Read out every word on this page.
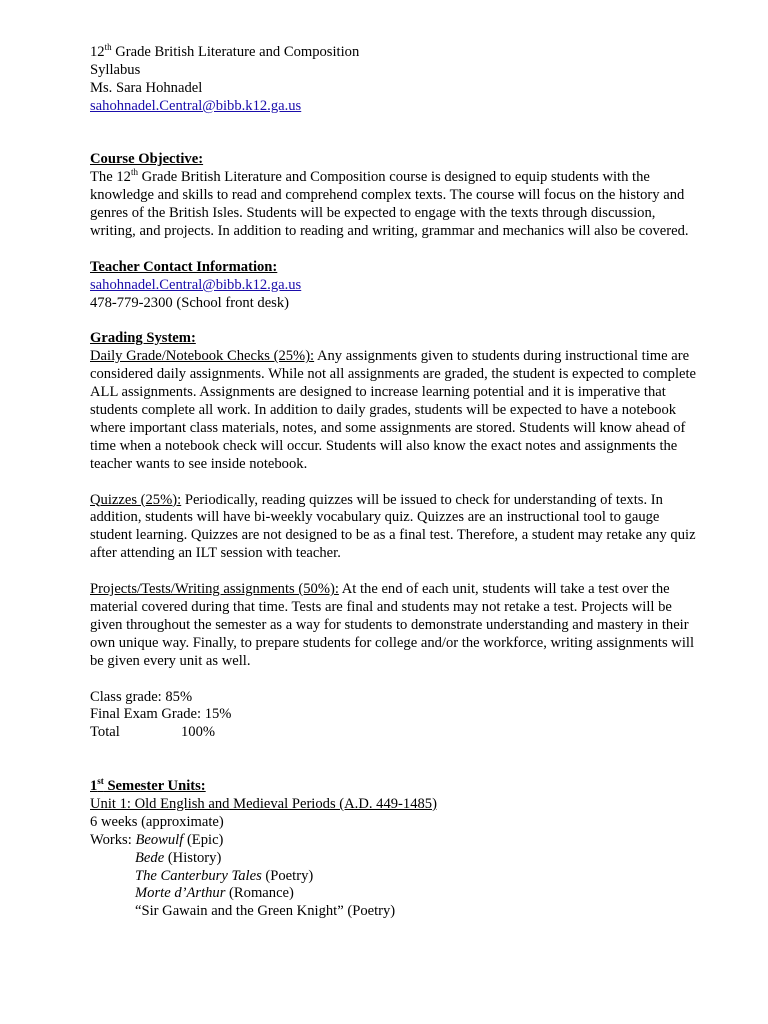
12th Grade British Literature and Composition
Syllabus
Ms. Sara Hohnadel
sahohnadel.Central@bibb.k12.ga.us
Course Objective:
The 12th Grade British Literature and Composition course is designed to equip students with the
knowledge and skills to read and comprehend complex texts. The course will focus on the history and
genres of the British Isles. Students will be expected to engage with the texts through discussion,
writing, and projects. In addition to reading and writing, grammar and mechanics will also be covered.
Teacher Contact Information:
sahohnadel.Central@bibb.k12.ga.us
478-779-2300 (School front desk)
Grading System:
Daily Grade/Notebook Checks (25%): Any assignments given to students during instructional time are
considered daily assignments. While not all assignments are graded, the student is expected to complete
ALL assignments. Assignments are designed to increase learning potential and it is imperative that
students complete all work. In addition to daily grades, students will be expected to have a notebook
where important class materials, notes, and some assignments are stored. Students will know ahead of
time when a notebook check will occur. Students will also know the exact notes and assignments the
teacher wants to see inside notebook.
Quizzes (25%): Periodically, reading quizzes will be issued to check for understanding of texts. In
addition, students will have bi-weekly vocabulary quiz. Quizzes are an instructional tool to gauge
student learning. Quizzes are not designed to be as a final test. Therefore, a student may retake any quiz
after attending an ILT session with teacher.
Projects/Tests/Writing assignments (50%): At the end of each unit, students will take a test over the
material covered during that time. Tests are final and students may not retake a test. Projects will be
given throughout the semester as a way for students to demonstrate understanding and mastery in their
own unique way. Finally, to prepare students for college and/or the workforce, writing assignments will
be given every unit as well.
Class grade: 85%
Final Exam Grade: 15%
Total	100%
1st Semester Units:
Unit 1: Old English and Medieval Periods (A.D. 449-1485)
6 weeks (approximate)
Works: Beowulf (Epic)
Bede (History)
The Canterbury Tales (Poetry)
Morte d’Arthur (Romance)
“Sir Gawain and the Green Knight” (Poetry)
